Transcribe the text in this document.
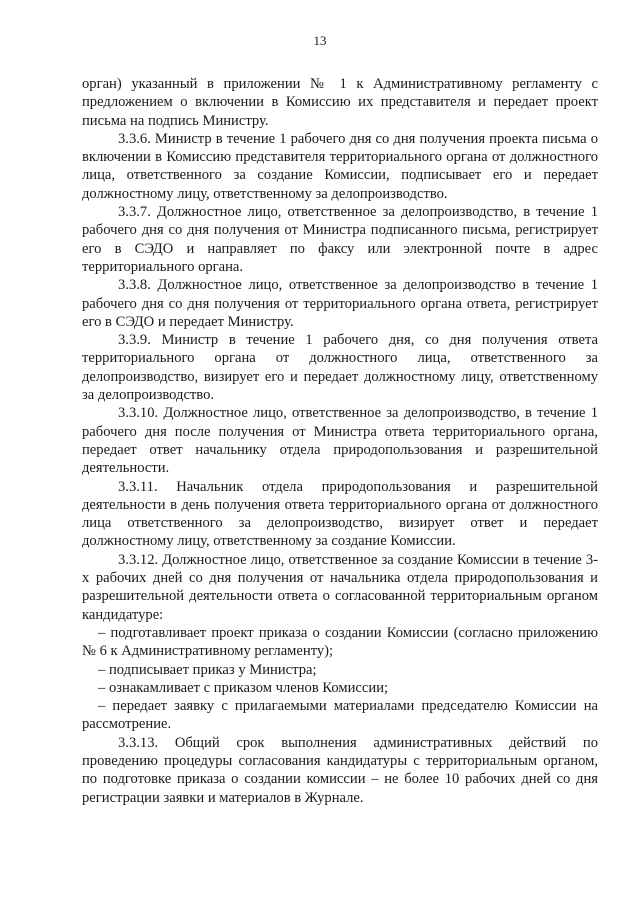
13

орган) указанный в приложении № 1 к Административному регламенту с предложением о включении в Комиссию их представителя и передает проект письма на подпись Министру.

3.3.6. Министр в течение 1 рабочего дня со дня получения проекта письма о включении в Комиссию представителя территориального органа от должностного лица, ответственного за создание Комиссии, подписывает его и передает должностному лицу, ответственному за делопроизводство.

3.3.7. Должностное лицо, ответственное за делопроизводство, в течение 1 рабочего дня со дня получения от Министра подписанного письма, регистрирует его в СЭДО и направляет по факсу или электронной почте в адрес территориального органа.

3.3.8. Должностное лицо, ответственное за делопроизводство в течение 1 рабочего дня со дня получения от территориального органа ответа, регистрирует его в СЭДО и передает Министру.

3.3.9. Министр в течение 1 рабочего дня, со дня получения ответа территориального органа от должностного лица, ответственного за делопроизводство, визирует его и передает должностному лицу, ответственному за делопроизводство.

3.3.10. Должностное лицо, ответственное за делопроизводство, в течение 1 рабочего дня после получения от Министра ответа территориального органа, передает ответ начальнику отдела природопользования и разрешительной деятельности.

3.3.11. Начальник отдела природопользования и разрешительной деятельности в день получения ответа территориального органа от должностного лица ответственного за делопроизводство, визирует ответ и передает должностному лицу, ответственному за создание Комиссии.

3.3.12. Должностное лицо, ответственное за создание Комиссии в течение 3-х рабочих дней со дня получения от начальника отдела природопользования и разрешительной деятельности ответа о согласованной территориальным органом кандидатуре:

– подготавливает проект приказа о создании Комиссии (согласно приложению № 6 к Административному регламенту);

– подписывает приказ у Министра;

– ознакамливает с приказом членов Комиссии;

– передает заявку с прилагаемыми материалами председателю Комиссии на рассмотрение.

3.3.13. Общий срок выполнения административных действий по проведению процедуры согласования кандидатуры с территориальным органом, по подготовке приказа о создании комиссии – не более 10 рабочих дней со дня регистрации заявки и материалов в Журнале.
